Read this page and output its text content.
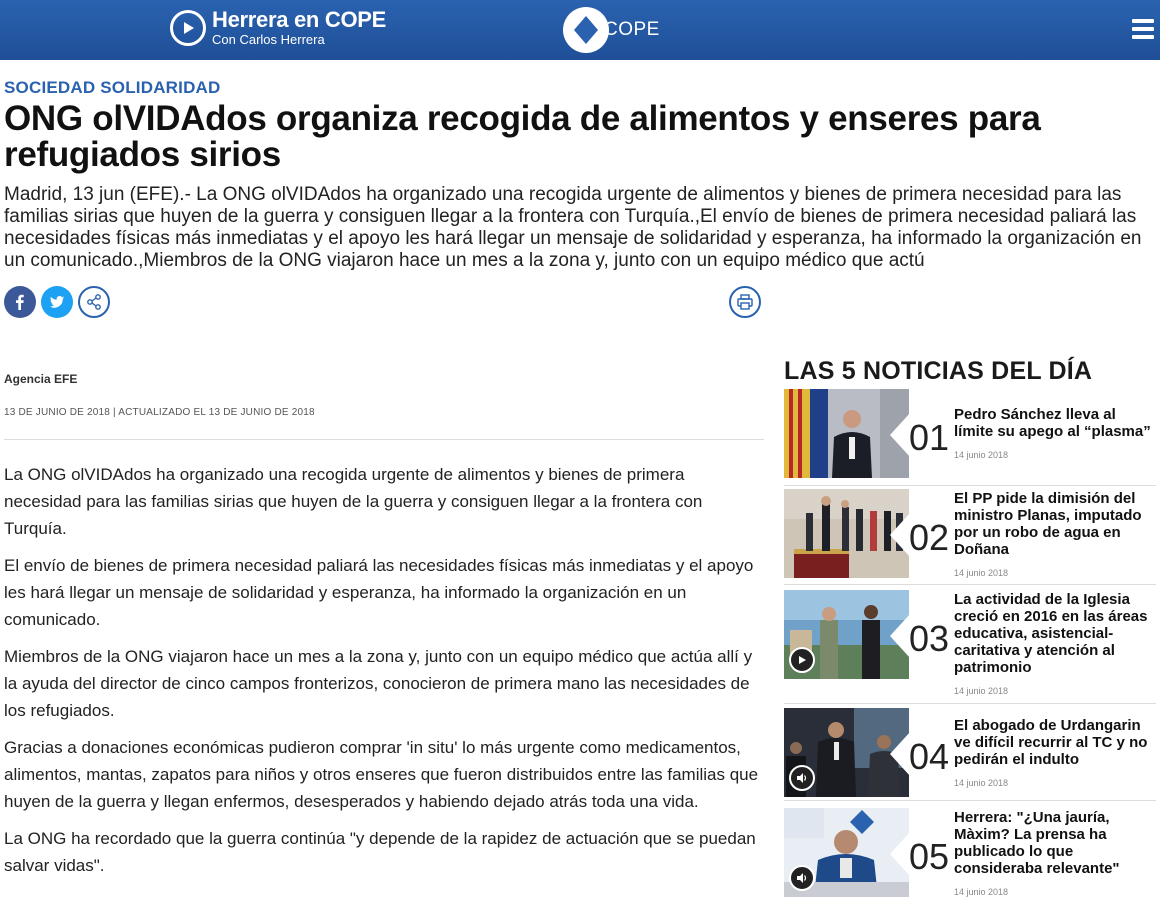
Herrera en COPE
Con Carlos Herrera	COPE
SOCIEDAD SOLIDARIDAD
ONG olVIDAdos organiza recogida de alimentos y enseres para refugiados sirios
Madrid, 13 jun (EFE).- La ONG olVIDAdos ha organizado una recogida urgente de alimentos y bienes de primera necesidad para las familias sirias que huyen de la guerra y consiguen llegar a la frontera con Turquía.,El envío de bienes de primera necesidad paliará las necesidades físicas más inmediatas y el apoyo les hará llegar un mensaje de solidaridad y esperanza, ha informado la organización en un comunicado.,Miembros de la ONG viajaron hace un mes a la zona y, junto con un equipo médico que actú
Agencia EFE
13 DE JUNIO DE 2018 | ACTUALIZADO EL 13 DE JUNIO DE 2018

La ONG olVIDAdos ha organizado una recogida urgente de alimentos y bienes de primera necesidad para las familias sirias que huyen de la guerra y consiguen llegar a la frontera con Turquía.

El envío de bienes de primera necesidad paliará las necesidades físicas más inmediatas y el apoyo les hará llegar un mensaje de solidaridad y esperanza, ha informado la organización en un comunicado.

Miembros de la ONG viajaron hace un mes a la zona y, junto con un equipo médico que actúa allí y la ayuda del director de cinco campos fronterizos, conocieron de primera mano las necesidades de los refugiados.

Gracias a donaciones económicas pudieron comprar 'in situ' lo más urgente como medicamentos, alimentos, mantas, zapatos para niños y otros enseres que fueron distribuidos entre las familias que huyen de la guerra y llegan enfermos, desesperados y habiendo dejado atrás toda una vida.

La ONG ha recordado que la guerra continúa "y depende de la rapidez de actuación que se puedan salvar vidas".

LAS 5 NOTICIAS DEL DÍA
01
Pedro Sánchez lleva al límite su apego al “plasma”
14 junio 2018
02
El PP pide la dimisión del ministro Planas, imputado por un robo de agua en Doñana
14 junio 2018
03
La actividad de la Iglesia creció en 2016 en las áreas educativa, asistencial-caritativa y atención al patrimonio
14 junio 2018
04
El abogado de Urdangarin ve difícil recurrir al TC y no pedirán el indulto
14 junio 2018
05
Herrera: "¿Una jauría, Màxim? La prensa ha publicado lo que consideraba relevante"
14 junio 2018
